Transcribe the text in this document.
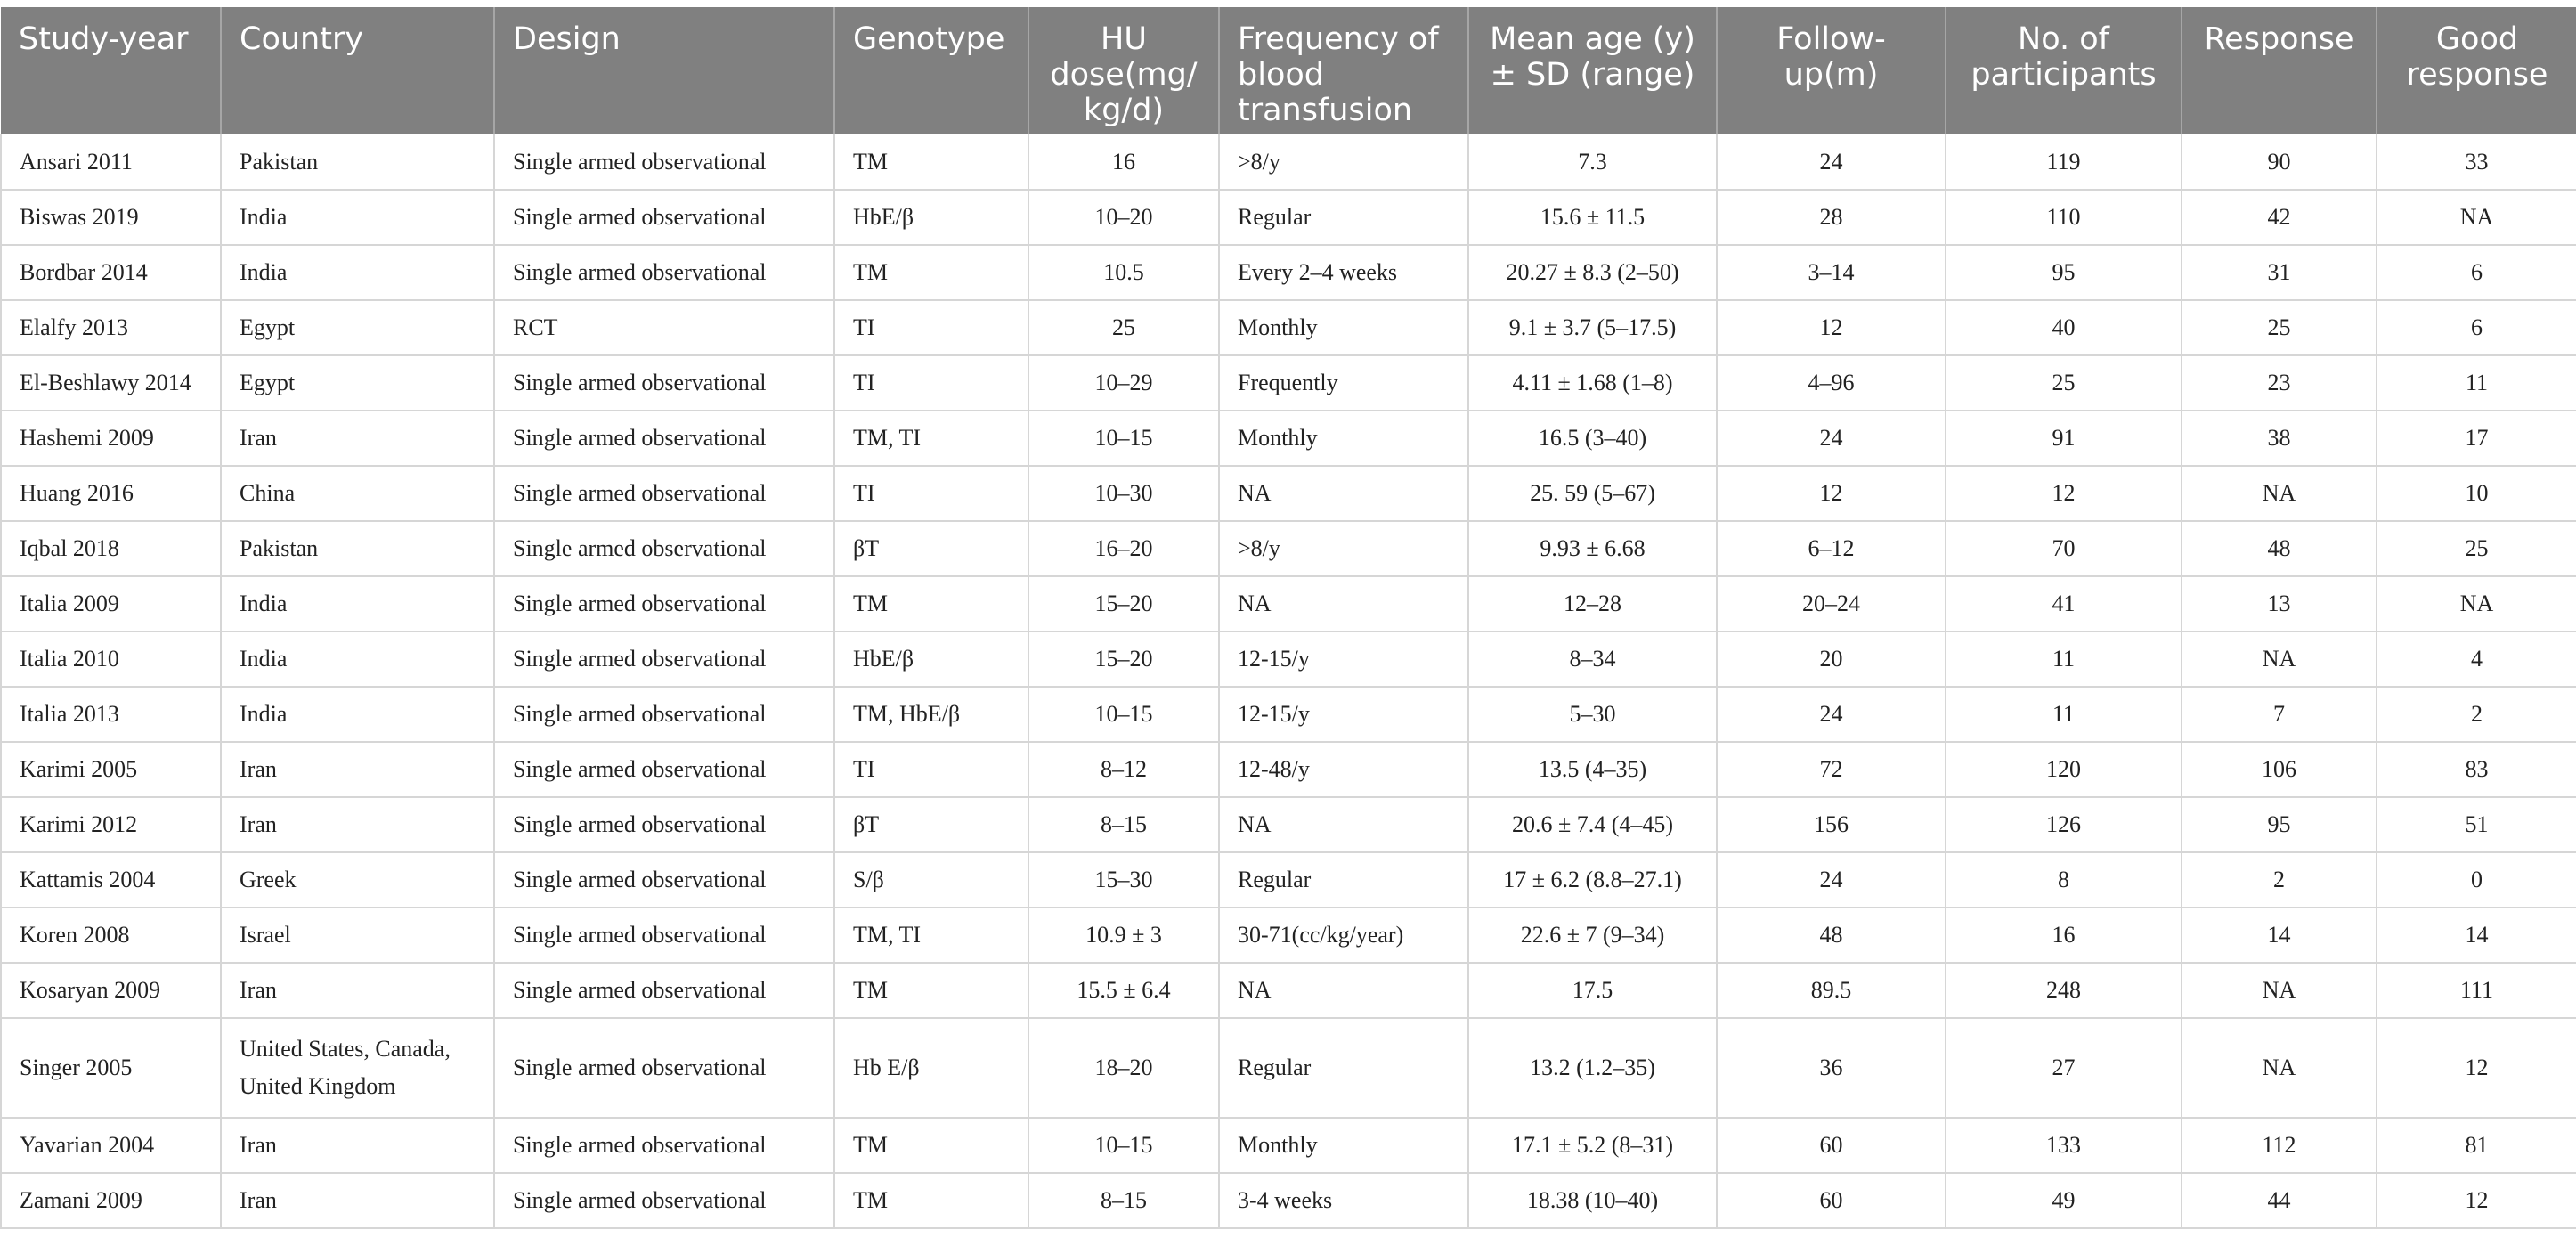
Study-year	Country	Design	Genotype	HU dose(mg/ kg/d)	Frequency of blood transfusion	Mean age (y) ± SD (range)	Follow- up(m)	No. of participants	Response	Good response
Ansari 2011	Pakistan	Single armed observational	TM	16	>8/y	7.3	24	119	90	33
Biswas 2019	India	Single armed observational	HbE/β	10–20	Regular	15.6 ± 11.5	28	110	42	NA
Bordbar 2014	India	Single armed observational	TM	10.5	Every 2–4 weeks	20.27 ± 8.3 (2–50)	3–14	95	31	6
Elalfy 2013	Egypt	RCT	TI	25	Monthly	9.1 ± 3.7 (5–17.5)	12	40	25	6
El-Beshlawy 2014	Egypt	Single armed observational	TI	10–29	Frequently	4.11 ± 1.68 (1–8)	4–96	25	23	11
Hashemi 2009	Iran	Single armed observational	TM, TI	10–15	Monthly	16.5 (3–40)	24	91	38	17
Huang 2016	China	Single armed observational	TI	10–30	NA	25. 59 (5–67)	12	12	NA	10
Iqbal 2018	Pakistan	Single armed observational	βT	16–20	>8/y	9.93 ± 6.68	6–12	70	48	25
Italia 2009	India	Single armed observational	TM	15–20	NA	12–28	20–24	41	13	NA
Italia 2010	India	Single armed observational	HbE/β	15–20	12-15/y	8–34	20	11	NA	4
Italia 2013	India	Single armed observational	TM, HbE/β	10–15	12-15/y	5–30	24	11	7	2
Karimi 2005	Iran	Single armed observational	TI	8–12	12-48/y	13.5 (4–35)	72	120	106	83
Karimi 2012	Iran	Single armed observational	βT	8–15	NA	20.6 ± 7.4 (4–45)	156	126	95	51
Kattamis 2004	Greek	Single armed observational	S/β	15–30	Regular	17 ± 6.2 (8.8–27.1)	24	8	2	0
Koren 2008	Israel	Single armed observational	TM, TI	10.9 ± 3	30-71(cc/kg/year)	22.6 ± 7 (9–34)	48	16	14	14
Kosaryan 2009	Iran	Single armed observational	TM	15.5 ± 6.4	NA	17.5	89.5	248	NA	111
Singer 2005	United States, Canada, United Kingdom	Single armed observational	Hb E/β	18–20	Regular	13.2 (1.2–35)	36	27	NA	12
Yavarian 2004	Iran	Single armed observational	TM	10–15	Monthly	17.1 ± 5.2 (8–31)	60	133	112	81
Zamani 2009	Iran	Single armed observational	TM	8–15	3-4 weeks	18.38 (10–40)	60	49	44	12
